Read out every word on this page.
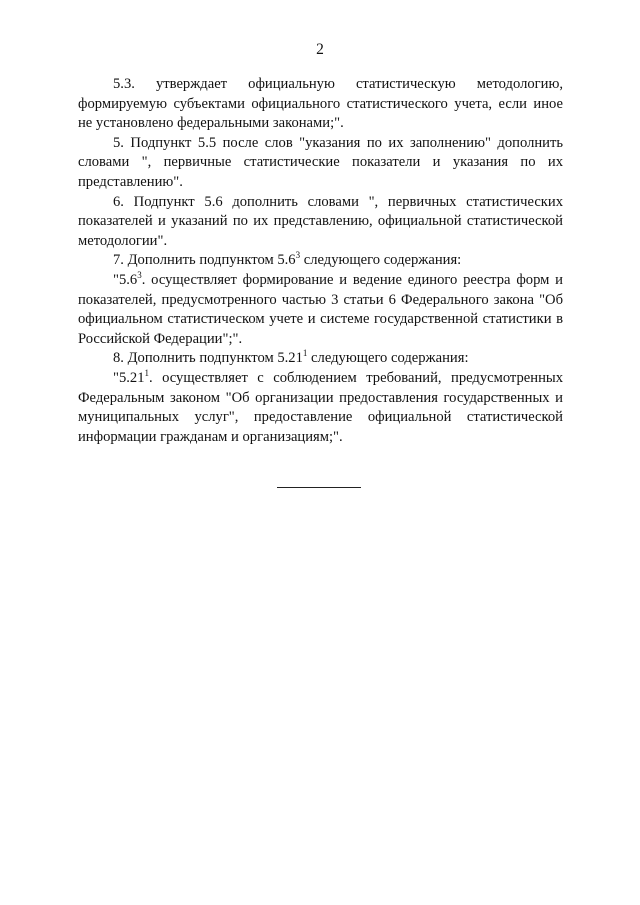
2

5.3. утверждает официальную статистическую методологию, формируемую субъектами официального статистического учета, если иное не установлено федеральными законами;".

5. Подпункт 5.5 после слов "указания по их заполнению" дополнить словами ", первичные статистические показатели и указания по их представлению".

6. Подпункт 5.6 дополнить словами ", первичных статистических показателей и указаний по их представлению, официальной статистической методологии".

7. Дополнить подпунктом $5.6^3$ следующего содержания:

"$5.6^3$. осуществляет формирование и ведение единого реестра форм и показателей, предусмотренного частью 3 статьи 6 Федерального закона "Об официальном статистическом учете и системе государственной статистики в Российской Федерации";".

8. Дополнить подпунктом 5.21$^1$ следующего содержания:

"5.21$^1$. осуществляет с соблюдением требований, предусмотренных Федеральным законом "Об организации предоставления государственных и муниципальных услуг", предоставление официальной статистической информации гражданам и организациям;".
